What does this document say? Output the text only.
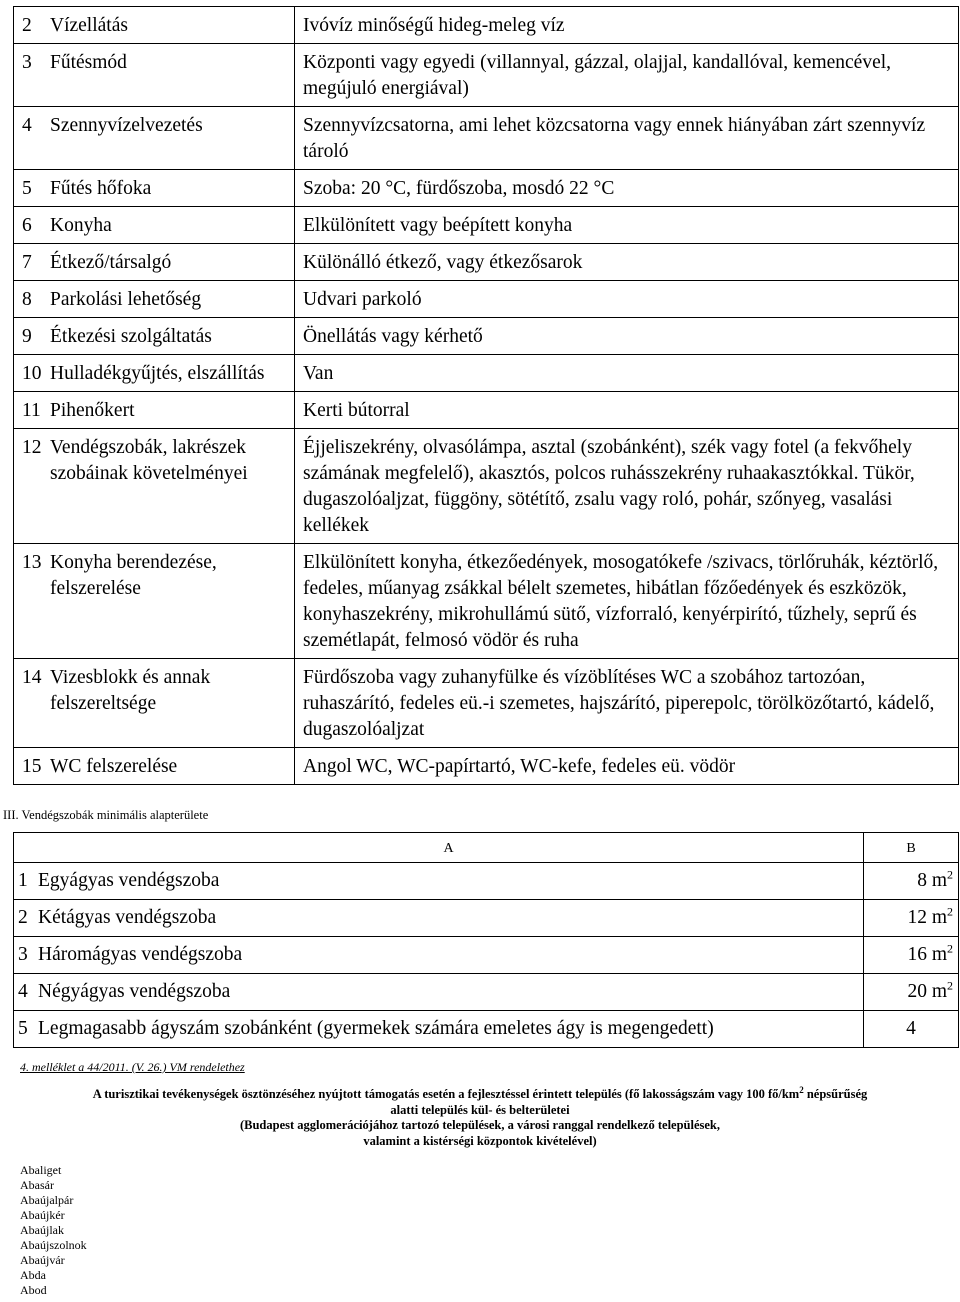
2	Vízellátás	Ivóvíz minőségű hideg-meleg víz
3	Fűtésmód	Központi vagy egyedi (villannyal, gázzal, olajjal, kandallóval, kemencével, megújuló energiával)
4	Szennyvízelvezetés	Szennyvízcsatorna, ami lehet közcsatorna vagy ennek hiányában zárt szennyvíz tároló
5	Fűtés hőfoka	Szoba: 20 °C, fürdőszoba, mosdó 22 °C
6	Konyha	Elkülönített vagy beépített konyha
7	Étkező/társalgó	Különálló étkező, vagy étkezősarok
8	Parkolási lehetőség	Udvari parkoló
9	Étkezési szolgáltatás	Önellátás vagy kérhető
10	Hulladékgyűjtés, elszállítás	Van
11	Pihenőkert	Kerti bútorral
12	Vendégszobák, lakrészek szobáinak követelményei	Éjjeliszekrény, olvasólámpa, asztal (szobánként), szék vagy fotel (a fekvőhely számának megfelelő), akasztós, polcos ruhásszekrény ruhaakasztókkal. Tükör, dugaszolóaljzat, függöny, sötétítő, zsalu vagy roló, pohár, szőnyeg, vasalási kellékek
13	Konyha berendezése, felszerelése	Elkülönített konyha, étkezőedények, mosogatókefe /szivacs, törlőruhák, kéztörlő, fedeles, műanyag zsákkal bélelt szemetes, hibátlan főzőedények és eszközök, konyhaszekrény, mikrohullámú sütő, vízforraló, kenyérpirító, tűzhely, seprű és szemétlapát, felmosó vödör és ruha
14	Vizesblokk és annak felszereltsége	Fürdőszoba vagy zuhanyfülke és vízöblítéses WC a szobához tartozóan, ruhaszárító, fedeles eü.-i szemetes, hajszárító, piperepolc, törölközőtartó, kádelő, dugaszolóaljzat
15	WC felszerelése	Angol WC, WC-papírtartó, WC-kefe, fedeles eü. vödör
III. Vendégszobák minimális alapterülete
	A	B
1	Egyágyas vendégszoba	8 $m^2$
2	Kétágyas vendégszoba	12 $m^2$
3	Háromágyas vendégszoba	16 $m^2$
4	Négyágyas vendégszoba	20 $m^2$
5	Legmagasabb ágyszám szobánként (gyermekek számára emeletes ágy is megengedett)	4
4. melléklet a 44/2011. (V. 26.) VM rendelethez
A turisztikai tevékenységek ösztönzéséhez nyújtott támogatás esetén a fejlesztéssel érintett település (fő lakosságszám vagy 100 $fő/km^2$ népsűrűség
alatti település kül- és belterületei
(Budapest agglomerációjához tartozó települések, a városi ranggal rendelkező települések,
valamint a kistérségi központok kivételével)
Abaliget
Abasár
Abaújalpár
Abaújkér
Abaújlak
Abaújszolnok
Abaújvár
Abda
Abod
